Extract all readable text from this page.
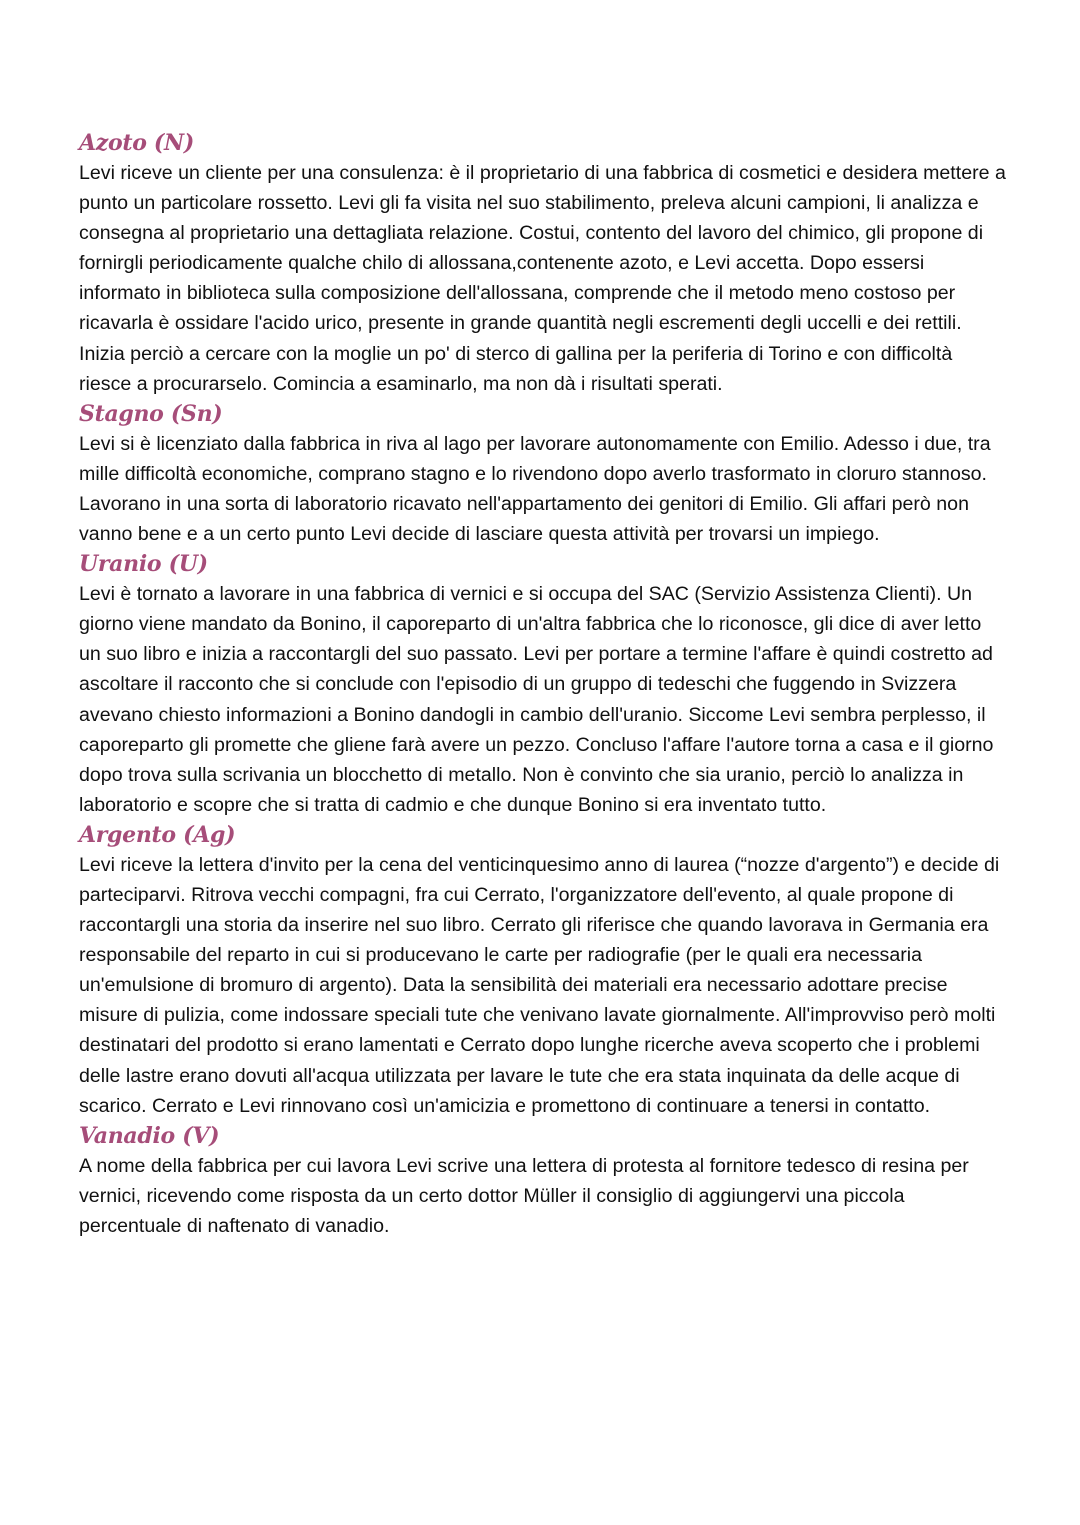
Azoto (N)

Levi riceve un cliente per una consulenza: è il proprietario di una fabbrica di cosmetici e desidera mettere a punto un particolare rossetto. Levi gli fa visita nel suo stabilimento, preleva alcuni campioni, li analizza e consegna al proprietario una dettagliata relazione. Costui, contento del lavoro del chimico, gli propone di fornirgli periodicamente qualche chilo di allossana,contenente azoto, e Levi accetta. Dopo essersi informato in biblioteca sulla composizione dell'allossana, comprende che il metodo meno costoso per ricavarla è ossidare l'acido urico, presente in grande quantità negli escrementi degli uccelli e dei rettili. Inizia perciò a cercare con la moglie un po' di sterco di gallina per la periferia di Torino e con difficoltà riesce a procurarselo. Comincia a esaminarlo, ma non dà i risultati sperati.

Stagno (Sn)

Levi si è licenziato dalla fabbrica in riva al lago per lavorare autonomamente con Emilio. Adesso i due, tra mille difficoltà economiche, comprano stagno e lo rivendono dopo averlo trasformato in cloruro stannoso. Lavorano in una sorta di laboratorio ricavato nell'appartamento dei genitori di Emilio. Gli affari però non vanno bene e a un certo punto Levi decide di lasciare questa attività per trovarsi un impiego.

Uranio (U)

Levi è tornato a lavorare in una fabbrica di vernici e si occupa del SAC (Servizio Assistenza Clienti). Un giorno viene mandato da Bonino, il caporeparto di un'altra fabbrica che lo riconosce, gli dice di aver letto un suo libro e inizia a raccontargli del suo passato. Levi per portare a termine l'affare è quindi costretto ad ascoltare il racconto che si conclude con l'episodio di un gruppo di tedeschi che fuggendo in Svizzera avevano chiesto informazioni a Bonino dandogli in cambio dell'uranio. Siccome Levi sembra perplesso, il caporeparto gli promette che gliene farà avere un pezzo. Concluso l'affare l'autore torna a casa e il giorno dopo trova sulla scrivania un blocchetto di metallo. Non è convinto che sia uranio, perciò lo analizza in laboratorio e scopre che si tratta di cadmio e che dunque Bonino si era inventato tutto.

Argento (Ag)

Levi riceve la lettera d'invito per la cena del venticinquesimo anno di laurea (“nozze d'argento”) e decide di parteciparvi. Ritrova vecchi compagni, fra cui Cerrato, l'organizzatore dell'evento, al quale propone di raccontargli una storia da inserire nel suo libro. Cerrato gli riferisce che quando lavorava in Germania era responsabile del reparto in cui si producevano le carte per radiografie (per le quali era necessaria un'emulsione di bromuro di argento). Data la sensibilità dei materiali era necessario adottare precise misure di pulizia, come indossare speciali tute che venivano lavate giornalmente. All'improvviso però molti destinatari del prodotto si erano lamentati e Cerrato dopo lunghe ricerche aveva scoperto che i problemi delle lastre erano dovuti all'acqua utilizzata per lavare le tute che era stata inquinata da delle acque di scarico. Cerrato e Levi rinnovano così un'amicizia e promettono di continuare a tenersi in contatto.

Vanadio (V)

A nome della fabbrica per cui lavora Levi scrive una lettera di protesta al fornitore tedesco di resina per vernici, ricevendo come risposta da un certo dottor Müller il consiglio di aggiungervi una piccola percentuale di naftenato di vanadio.
